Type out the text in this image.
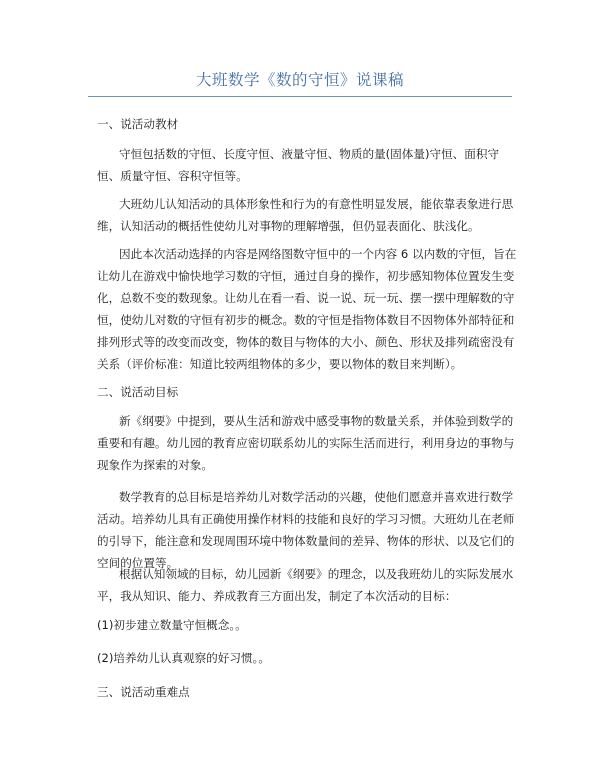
大班数学《数的守恒》说课稿
一、说活动教材

守恒包括数的守恒、长度守恒、液量守恒、物质的量(固体量)守恒、面积守恒、质量守恒、容积守恒等。

大班幼儿认知活动的具体形象性和行为的有意性明显发展，能依靠表象进行思维，认知活动的概括性使幼儿对事物的理解增强，但仍显表面化、肤浅化。

因此本次活动选择的内容是网络图数守恒中的一个内容 6 以内数的守恒，旨在让幼儿在游戏中愉快地学习数的守恒，通过自身的操作，初步感知物体位置发生变化，总数不变的数现象。让幼儿在看一看、说一说、玩一玩、摆一摆中理解数的守恒，使幼儿对数的守恒有初步的概念。数的守恒是指物体数目不因物体外部特征和排列形式等的改变而改变，物体的数目与物体的大小、颜色、形状及排列疏密没有关系（评价标准：知道比较两组物体的多少，要以物体的数目来判断）。

二、说活动目标

新《纲要》中提到，要从生活和游戏中感受事物的数量关系，并体验到数学的重要和有趣。幼儿园的教育应密切联系幼儿的实际生活而进行，利用身边的事物与现象作为探索的对象。

数学教育的总目标是培养幼儿对数学活动的兴趣，使他们愿意并喜欢进行数学活动。培养幼儿具有正确使用操作材料的技能和良好的学习习惯。大班幼儿在老师的引导下，能注意和发现周围环境中物体数量间的差异、物体的形状、以及它们的空间的位置等。

根据认知领域的目标，幼儿园新《纲要》的理念，以及我班幼儿的实际发展水平，我从知识、能力、养成教育三方面出发，制定了本次活动的目标：

(1)初步建立数量守恒概念。。
(2)培养幼儿认真观察的好习惯。。
三、说活动重难点
